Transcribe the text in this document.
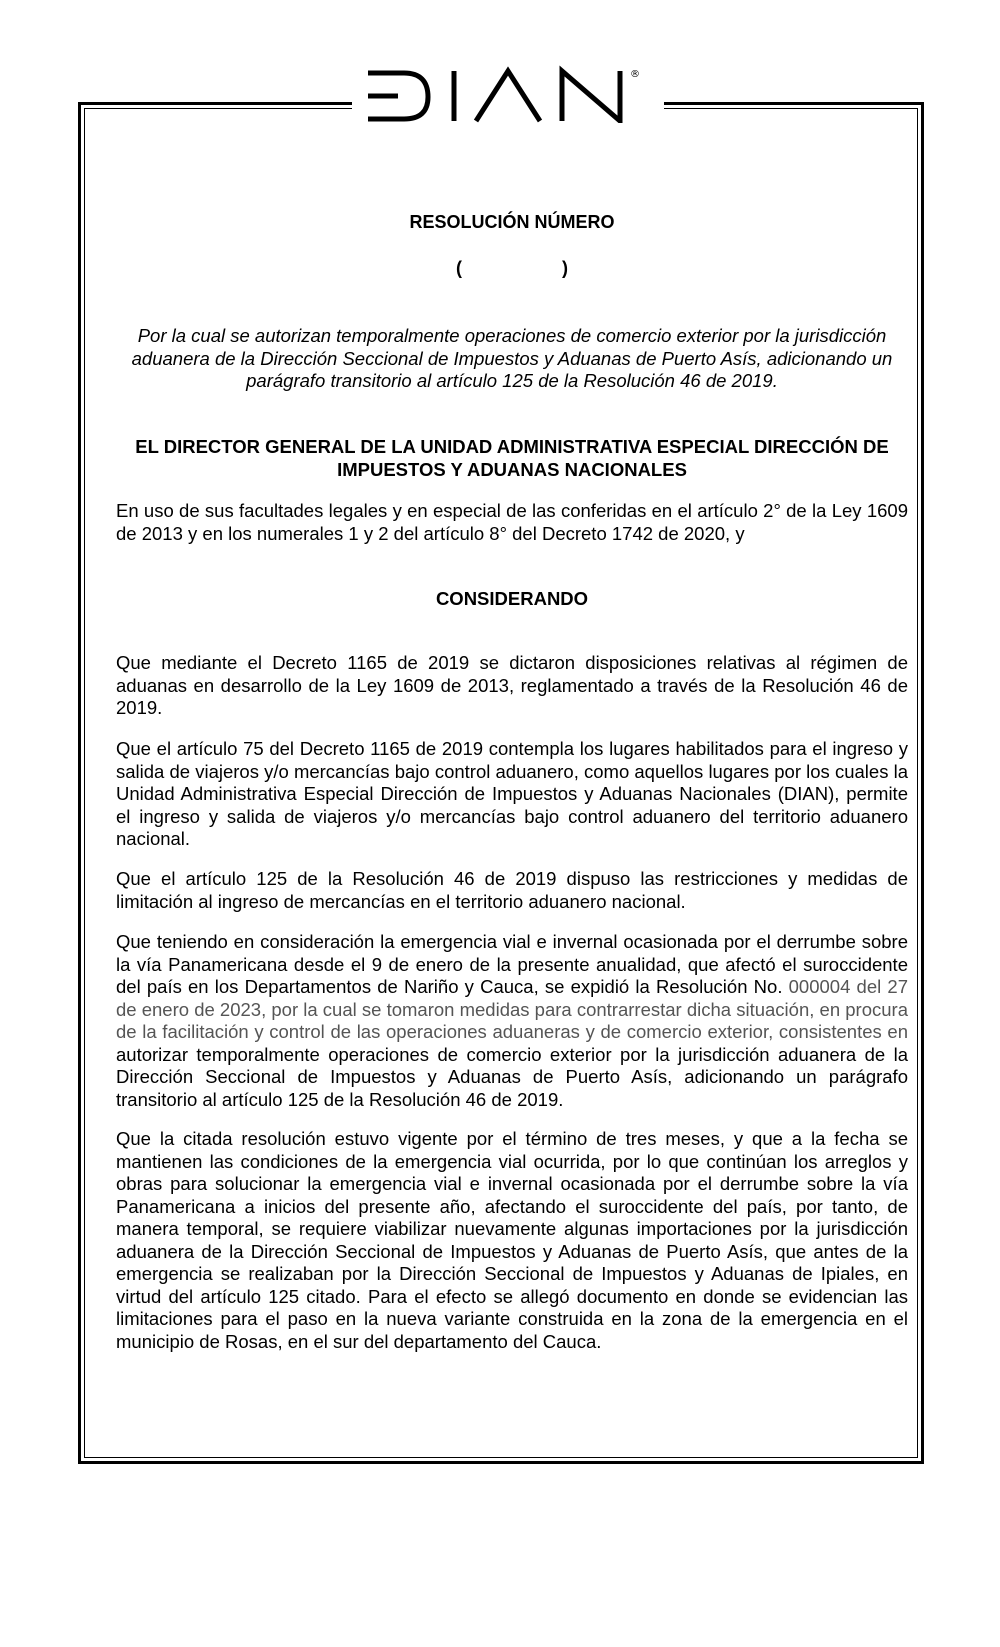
®
RESOLUCIÓN NÚMERO
(                    )
Por la cual se autorizan temporalmente operaciones de comercio exterior por la jurisdicción aduanera de la Dirección Seccional de Impuestos y Aduanas de Puerto Asís, adicionando un parágrafo transitorio al artículo 125 de la Resolución 46 de 2019.
EL DIRECTOR GENERAL DE LA UNIDAD ADMINISTRATIVA ESPECIAL DIRECCIÓN DE IMPUESTOS Y ADUANAS NACIONALES
En uso de sus facultades legales y en especial de las conferidas en el artículo 2° de la Ley 1609 de 2013 y en los numerales 1 y 2 del artículo 8° del Decreto 1742 de 2020, y
CONSIDERANDO
Que mediante el Decreto 1165 de 2019 se dictaron disposiciones relativas al régimen de aduanas en desarrollo de la Ley 1609 de 2013, reglamentado a través de la Resolución 46 de 2019.
Que el artículo 75 del Decreto 1165 de 2019 contempla los lugares habilitados para el ingreso y salida de viajeros y/o mercancías bajo control aduanero, como aquellos lugares por los cuales la Unidad Administrativa Especial Dirección de Impuestos y Aduanas Nacionales (DIAN), permite el ingreso y salida de viajeros y/o mercancías bajo control aduanero del territorio aduanero nacional.
Que el artículo 125 de la Resolución 46 de 2019 dispuso las restricciones y medidas de limitación al ingreso de mercancías en el territorio aduanero nacional.
Que teniendo en consideración la emergencia vial e invernal ocasionada por el derrumbe sobre la vía Panamericana desde el 9 de enero de la presente anualidad, que afectó el suroccidente del país en los Departamentos de Nariño y Cauca, se expidió la Resolución No. 000004 del 27 de enero de 2023, por la cual se tomaron medidas para contrarrestar dicha situación, en procura de la facilitación y control de las operaciones aduaneras y de comercio exterior, consistentes en autorizar temporalmente operaciones de comercio exterior por la jurisdicción aduanera de la Dirección Seccional de Impuestos y Aduanas de Puerto Asís, adicionando un parágrafo transitorio al artículo 125 de la Resolución 46 de 2019.
Que la citada resolución estuvo vigente por el término de tres meses, y que a la fecha se mantienen las condiciones de la emergencia vial ocurrida, por lo que continúan los arreglos y obras para solucionar la emergencia vial e invernal ocasionada por el derrumbe sobre la vía Panamericana a inicios del presente año, afectando el suroccidente del país, por tanto, de manera temporal, se requiere viabilizar nuevamente algunas importaciones por la jurisdicción aduanera de la Dirección Seccional de Impuestos y Aduanas de Puerto Asís, que antes de la emergencia se realizaban por la Dirección Seccional de Impuestos y Aduanas de Ipiales, en virtud del artículo 125 citado. Para el efecto se allegó documento en donde se evidencian las limitaciones para el paso en la nueva variante construida en la zona de la emergencia en el municipio de Rosas, en el sur del departamento del Cauca.
